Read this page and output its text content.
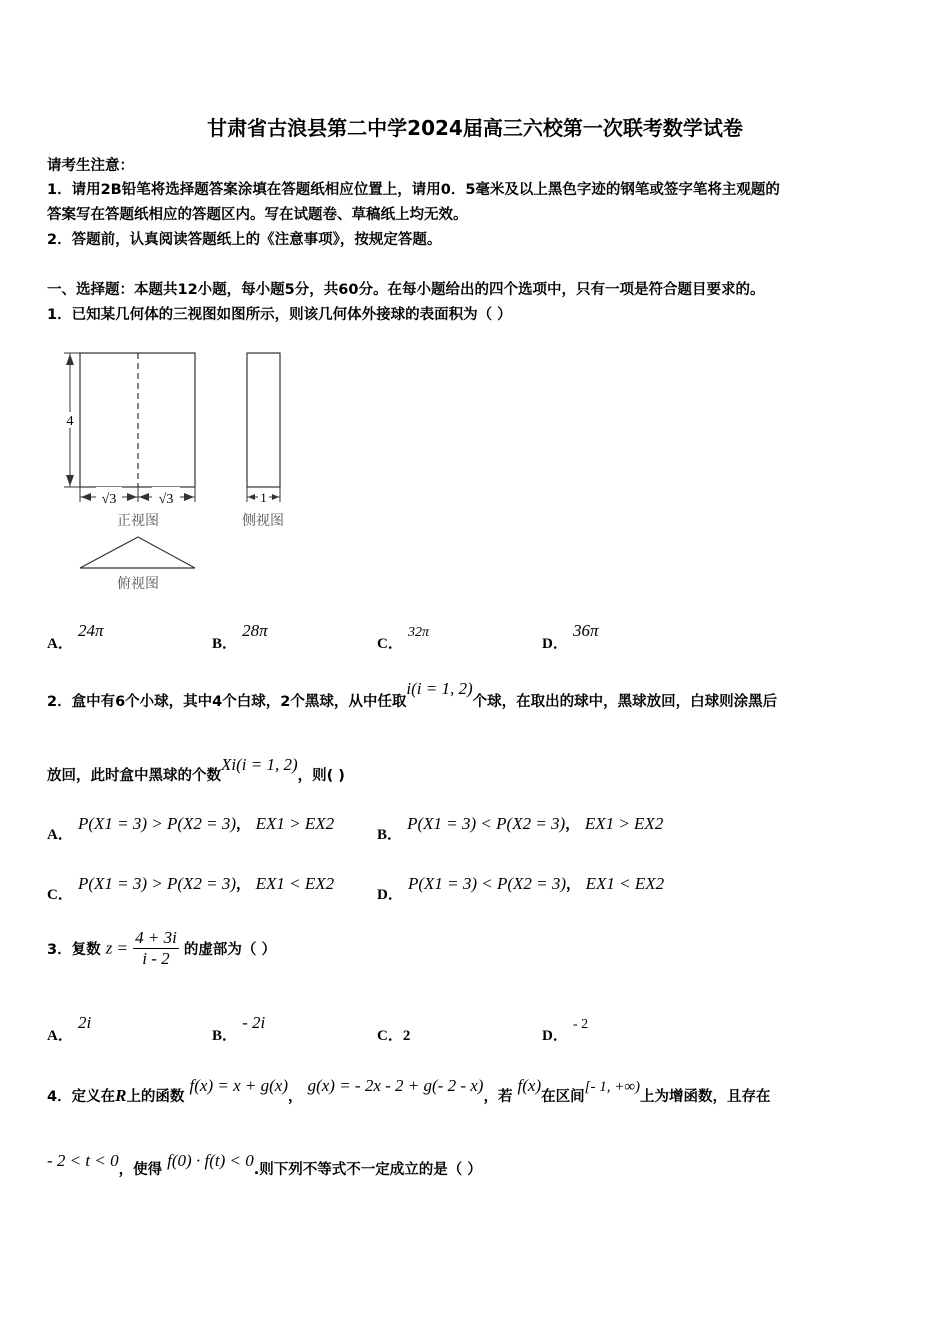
甘肃省古浪县第二中学2024届高三六校第一次联考数学试卷
请考生注意：
1．请用2B铅笔将选择题答案涂填在答题纸相应位置上，请用0．5毫米及以上黑色字迹的钢笔或签字笔将主观题的
答案写在答题纸相应的答题区内。写在试题卷、草稿纸上均无效。
2．答题前，认真阅读答题纸上的《注意事项》，按规定答题。
一、选择题：本题共12小题，每小题5分，共60分。在每小题给出的四个选项中，只有一项是符合题目要求的。
1．已知某几何体的三视图如图所示，则该几何体外接球的表面积为（ ）
4
√3	√3
正视图
1
侧视图
俯视图
A． 24π
B． 28π
C． 32π
D． 36π
2．盒中有6个小球，其中4个白球，2个黑球，从中任取i(i = 1, 2)个球，在取出的球中，黑球放回，白球则涂黑后
放回，此时盒中黑球的个数Xi(i = 1, 2)，则( )
A． P(X1 = 3) > P(X2 = 3)， EX1 > EX2
B． P(X1 = 3) < P(X2 = 3)， EX1 > EX2
C． P(X1 = 3) > P(X2 = 3)， EX1 < EX2
D． P(X1 = 3) < P(X2 = 3)， EX1 < EX2
3．复数 $z = \frac{4 + 3i}{i - 2}$ 的虚部为（ ）
A． 2i
B． - 2i
C．2	D． - 2
4．定义在R上的函数 f(x) = x + g(x)， g(x) = - 2x - 2 + g(- 2 - x)，若 f(x)在区间[- 1, +∞)上为增函数，且存在
- 2 < t < 0，使得 f(0) · f(t) < 0.则下列不等式不一定成立的是（ ）
